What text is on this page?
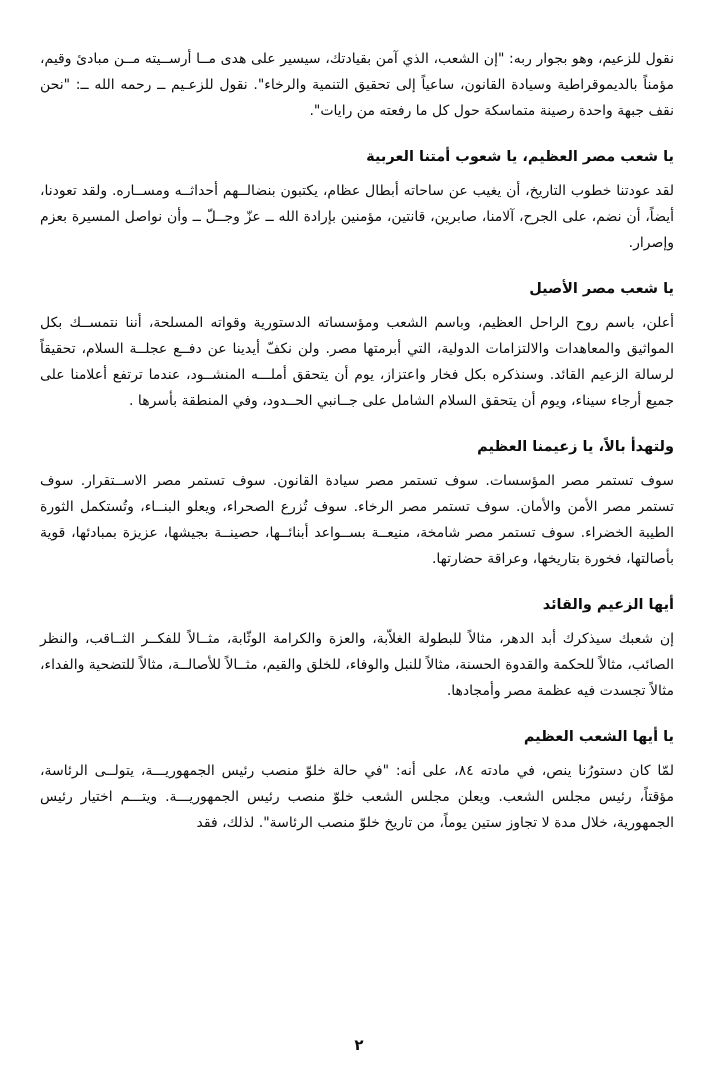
نقول للزعيم، وهو بجوار ربه: "إن الشعب، الذي آمن بقيادتك، سيسير على هدى مــا أرســيته مــن مبادئ وقيم، مؤمناً بالديموقراطية وسيادة القانون، ساعياً إلى تحقيق التنمية والرخاء". نقول للزعـيم ــ رحمه الله ــ: "نحن نقف جبهة واحدة رصينة متماسكة حول كل ما رفعته من رايات".

يا شعب مصر العظيم، يا شعوب أمتنا العربية

لقد عودتنا خطوب التاريخ، أن يغيب عن ساحاته أبطال عظام، يكتبون بنضالــهم أحداثــه ومســاره. ولقد تعودنا، أيضاً، أن نضم، على الجرح، آلامنا، صابرين، قانتين، مؤمنين بإرادة الله ــ عزّ وجــلّ ــ وأن نواصل المسيرة بعزم وإصرار.

يا شعب مصر الأصيل

أعلن، باسم روح الراحل العظيم، وباسم الشعب ومؤسساته الدستورية وقواته المسلحة، أننا نتمســك بكل المواثيق والمعاهدات والالتزامات الدولية، التي أبرمتها مصر. ولن نكفّ أيدينا عن دفــع عجلــة السلام، تحقيقاً لرسالة الزعيم القائد. وسنذكره بكل فخار واعتزاز، يوم أن يتحقق أملـــه المنشــود، عندما ترتفع أعلامنا على جميع أرجاء سيناء، ويوم أن يتحقق السلام الشامل على جــانبي الحــدود، وفي المنطقة بأسرها .

ولتهدأ بالاً، يا زعيمنا العظيم

سوف تستمر مصر المؤسسات. سوف تستمر مصر سيادة القانون. سوف تستمر مصر الاســتقرار. سوف تستمر مصر الأمن والأمان. سوف تستمر مصر الرخاء. سوف تُزرع الصحراء، ويعلو البنــاء، وتُستكمل الثورة الطيبة الخضراء. سوف تستمر مصر شامخة، منيعــة بســواعد أبنائــها، حصينــة بجيشها، عزيزة بمبادئها، قوية بأصالتها، فخورة بتاريخها، وعراقة حضارتها.

أيها الزعيم والقائد

إن شعبك سيذكرك أبد الدهر، مثالاً للبطولة الغلاّبة، والعزة والكرامة الوثّابة، مثــالاً للفكــر الثــاقب، والنظر الصائب، مثالاً للحكمة والقدوة الحسنة، مثالاً للنبل والوفاء، للخلق والقيم، مثــالاً للأصالــة، مثالاً للتضحية والفداء، مثالاً تجسدت فيه عظمة مصر وأمجادها.

يا أيها الشعب العظيم

لمّا كان دستورُنا ينص، في مادته ٨٤، على أنه: "في حالة خلوّ منصب رئيس الجمهوريـــة، يتولــى الرئاسة، مؤقتاً، رئيس مجلس الشعب. ويعلن مجلس الشعب خلوّ منصب رئيس الجمهوريـــة. ويتـــم اختيار رئيس الجمهورية، خلال مدة لا تجاوز ستين يوماً، من تاريخ خلوّ منصب الرئاسة". لذلك، فقد

٢
